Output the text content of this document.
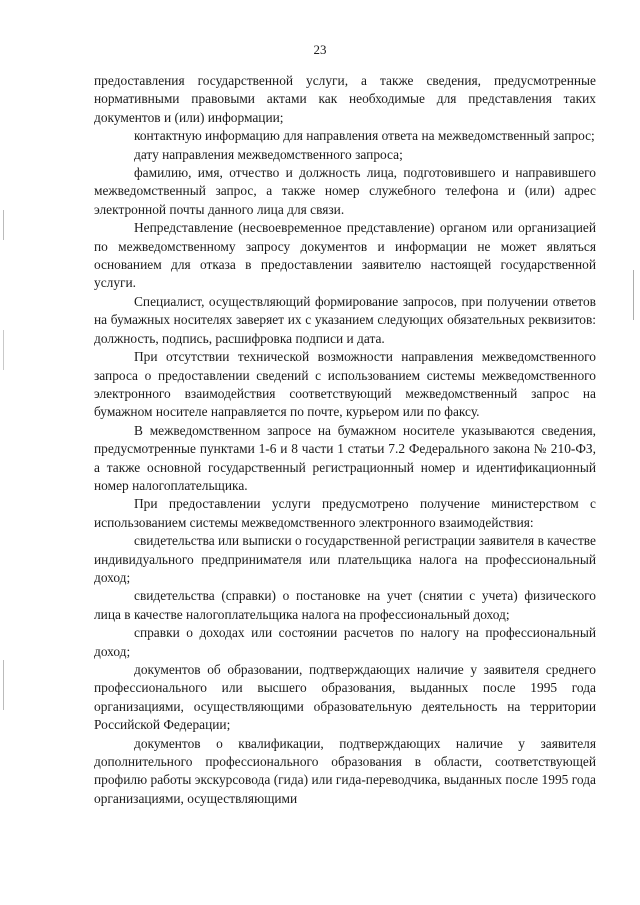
23

предоставления государственной услуги, а также сведения, предусмотренные нормативными правовыми актами как необходимые для представления таких документов и (или) информации;

контактную информацию для направления ответа на межведомственный запрос;

дату направления межведомственного запроса;

фамилию, имя, отчество и должность лица, подготовившего и направившего межведомственный запрос, а также номер служебного телефона и (или) адрес электронной почты данного лица для связи.

Непредставление (несвоевременное представление) органом или организацией по межведомственному запросу документов и информации не может являться основанием для отказа в предоставлении заявителю настоящей государственной услуги.

Специалист, осуществляющий формирование запросов, при получении ответов на бумажных носителях заверяет их с указанием следующих обязательных реквизитов: должность, подпись, расшифровка подписи и дата.

При отсутствии технической возможности направления межведомственного запроса о предоставлении сведений с использованием системы межведомственного электронного взаимодействия соответствующий межведомственный запрос на бумажном носителе направляется по почте, курьером или по факсу.

В межведомственном запросе на бумажном носителе указываются сведения, предусмотренные пунктами 1-6 и 8 части 1 статьи 7.2 Федерального закона № 210-ФЗ, а также основной государственный регистрационный номер и идентификационный номер налогоплательщика.

При предоставлении услуги предусмотрено получение министерством с использованием системы межведомственного электронного взаимодействия:

свидетельства или выписки о государственной регистрации заявителя в качестве индивидуального предпринимателя или плательщика налога на профессиональный доход;

свидетельства (справки) о постановке на учет (снятии с учета) физического лица в качестве налогоплательщика налога на профессиональный доход;

справки о доходах или состоянии расчетов по налогу на профессиональный доход;

документов об образовании, подтверждающих наличие у заявителя среднего профессионального или высшего образования, выданных после 1995 года организациями, осуществляющими образовательную деятельность на территории Российской Федерации;

документов о квалификации, подтверждающих наличие у заявителя дополнительного профессионального образования в области, соответствующей профилю работы экскурсовода (гида) или гида-переводчика, выданных после 1995 года организациями, осуществляющими
